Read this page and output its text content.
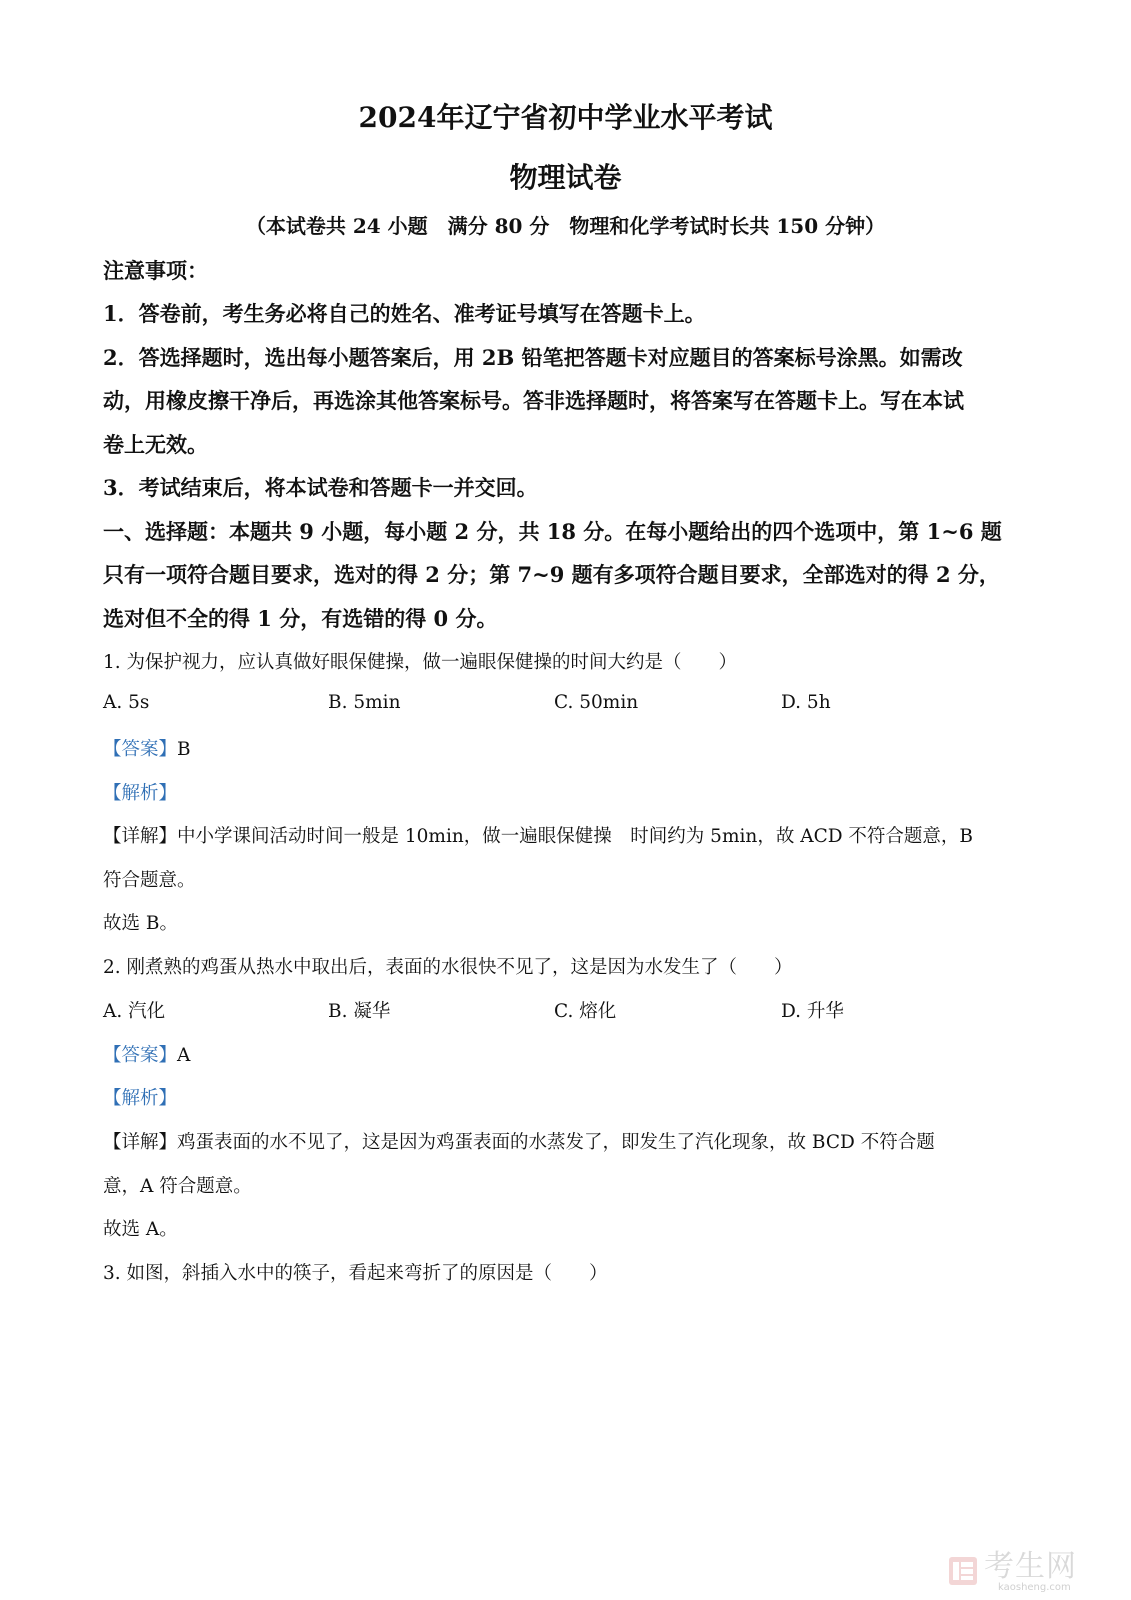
2024年辽宁省初中学业水平考试
物理试卷
（本试卷共 24 小题　满分 80 分　物理和化学考试时长共 150 分钟）
注意事项：
1．答卷前，考生务必将自己的姓名、准考证号填写在答题卡上。
2．答选择题时，选出每小题答案后，用 2B 铅笔把答题卡对应题目的答案标号涂黑。如需改
动，用橡皮擦干净后，再选涂其他答案标号。答非选择题时，将答案写在答题卡上。写在本试
卷上无效。
3．考试结束后，将本试卷和答题卡一并交回。
一、选择题：本题共 9 小题，每小题 2 分，共 18 分。在每小题给出的四个选项中，第 1~6 题
只有一项符合题目要求，选对的得 2 分；第 7~9 题有多项符合题目要求，全部选对的得 2 分，
选对但不全的得 1 分，有选错的得 0 分。
1. 为保护视力，应认真做好眼保健操，做一遍眼保健操的时间大约是（　　）
A. 5s	B. 5min	C. 50min	D. 5h
【答案】B
【解析】
【详解】中小学课间活动时间一般是 10min，做一遍眼保健操　时间约为 5min，故 ACD 不符合题意，B
符合题意。
故选 B。
2. 刚煮熟的鸡蛋从热水中取出后，表面的水很快不见了，这是因为水发生了（　　）
A. 汽化	B. 凝华	C. 熔化	D. 升华
【答案】A
【解析】
【详解】鸡蛋表面的水不见了，这是因为鸡蛋表面的水蒸发了，即发生了汽化现象，故 BCD 不符合题
意，A 符合题意。
故选 A。
3. 如图，斜插入水中的筷子，看起来弯折了的原因是（　　）
考生网
kaosheng.com
